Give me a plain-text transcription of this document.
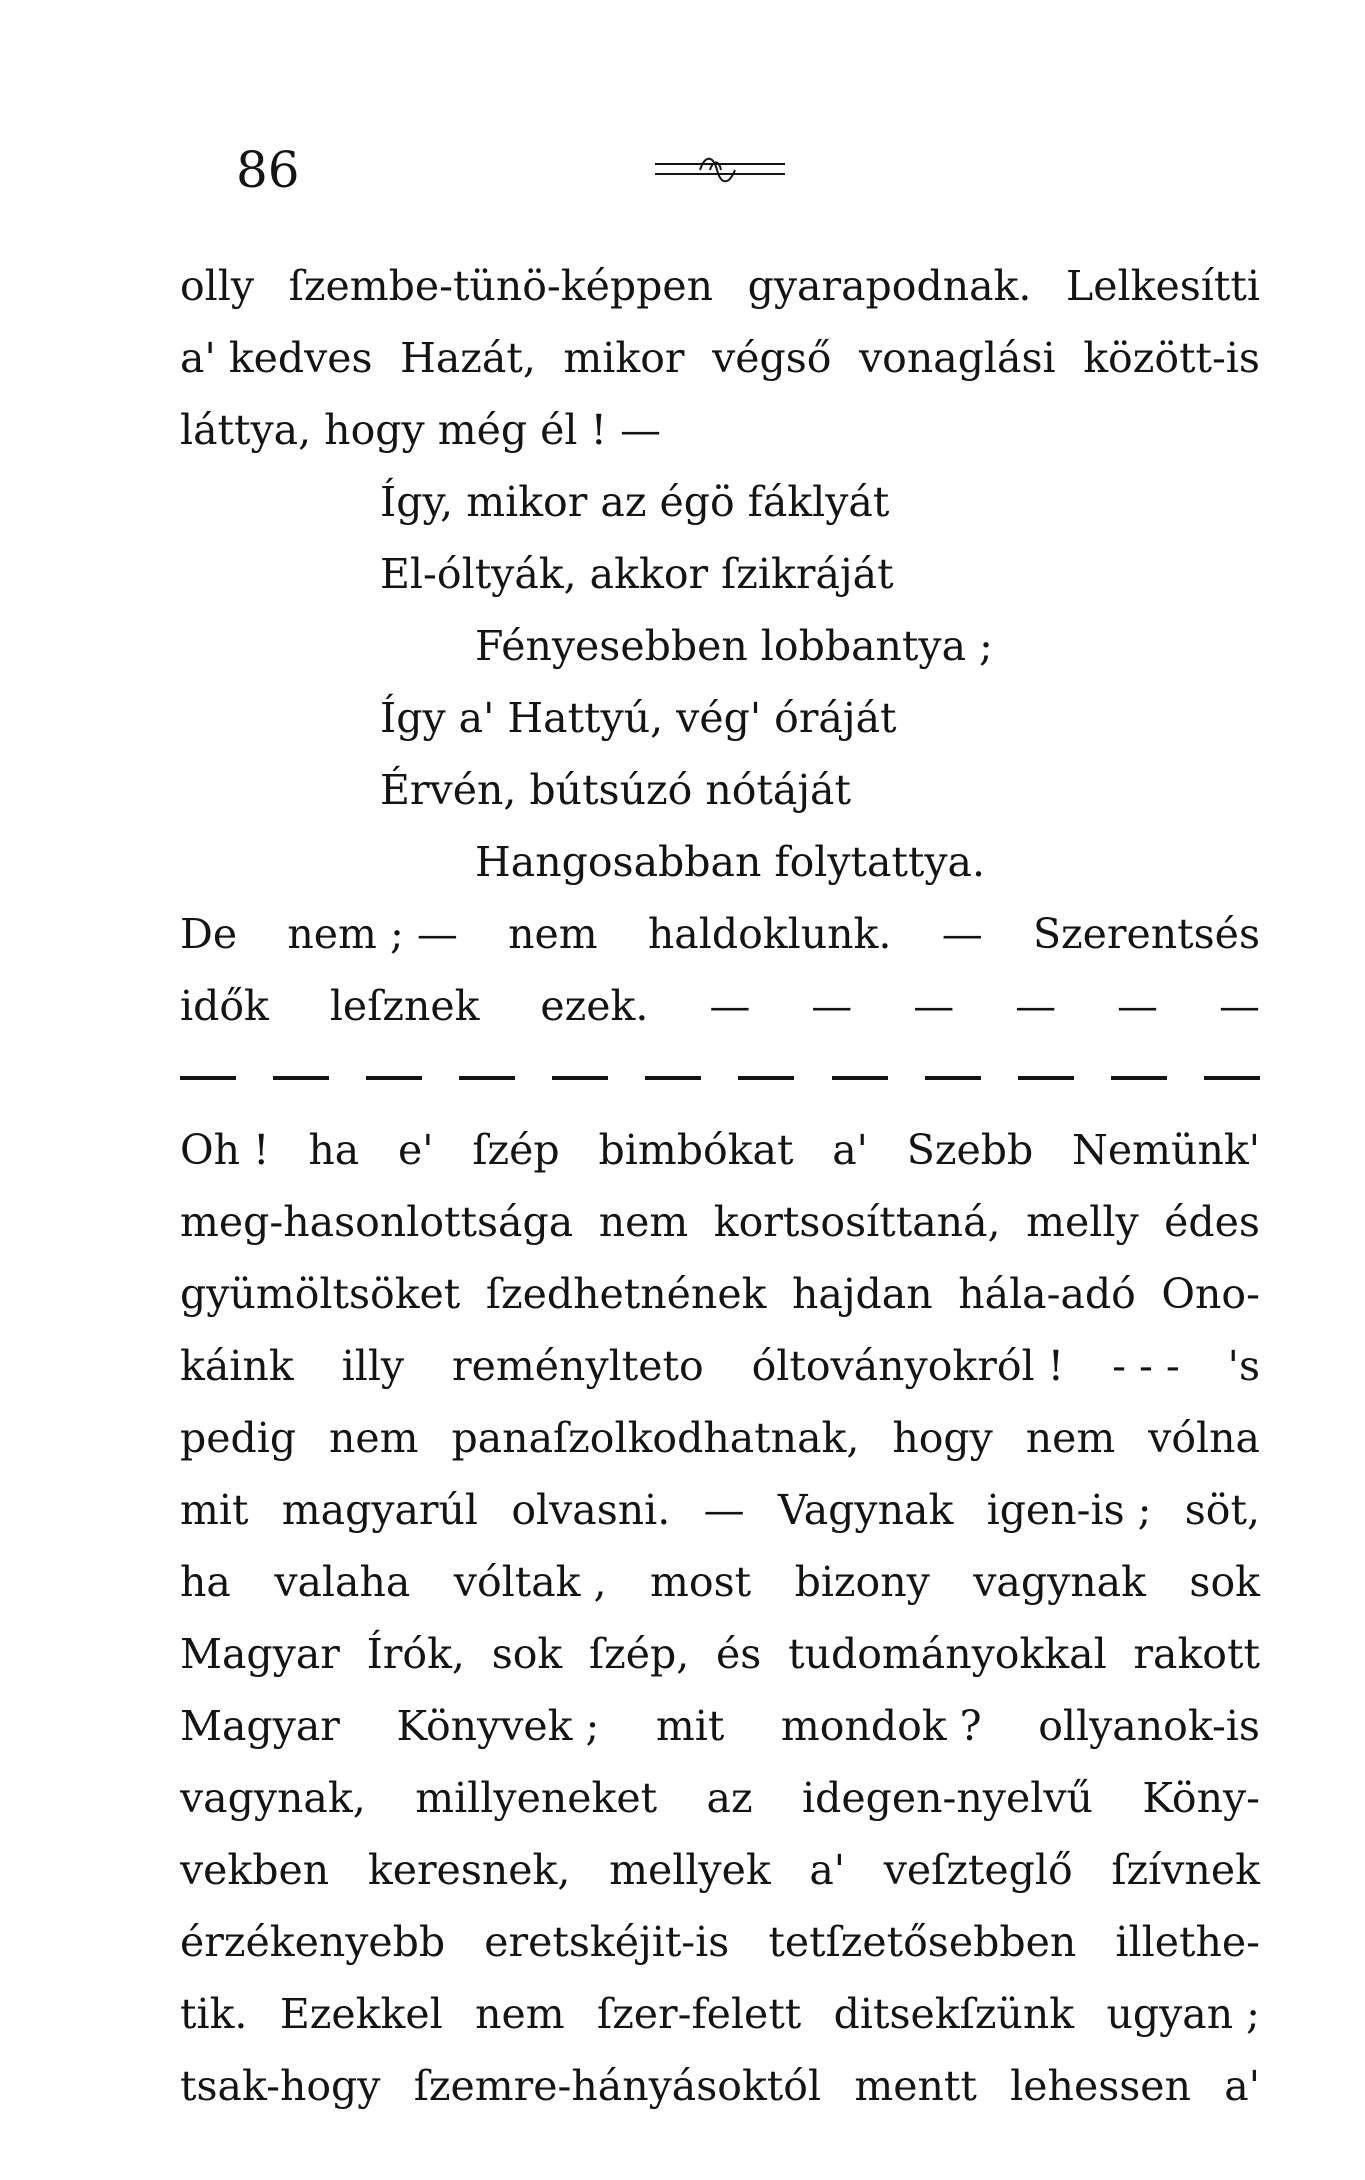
86
olly ſzembe-tünö-képpen gyarapodnak. Lelkesítti
a' kedves Hazát, mikor végső vonaglási között-is
láttya, hogy még él ! —
Így, mikor az égö fáklyát
El-óltyák, akkor ſzikráját
Fényesebben lobbantya ;
Így a' Hattyú, vég' óráját
Érvén, bútsúzó nótáját
Hangosabban folytattya.
De nem ; — nem haldoklunk. — Szerentsés
idők leſznek ezek. — — — — — —
Oh ! ha e' ſzép bimbókat a' Szebb Nemünk'
meg-hasonlottsága nem kortsosíttaná, melly édes
gyümöltsöket ſzedhetnének hajdan hála-adó Ono-
káink illy reménylteto óltoványokról ! - - - 's
pedig nem panaſzolkodhatnak, hogy nem vólna
mit magyarúl olvasni. — Vagynak igen-is ; söt,
ha valaha vóltak , most bizony vagynak sok
Magyar Írók, sok ſzép, és tudományokkal rakott
Magyar Könyvek ; mit mondok ? ollyanok-is
vagynak, millyeneket az idegen-nyelvű Köny-
vekben keresnek, mellyek a' veſzteglő ſzívnek
érzékenyebb eretskéjit-is tetſzetősebben illethe-
tik. Ezekkel nem ſzer-felett ditsekſzünk ugyan ;
tsak-hogy ſzemre-hányásoktól mentt lehessen a'
